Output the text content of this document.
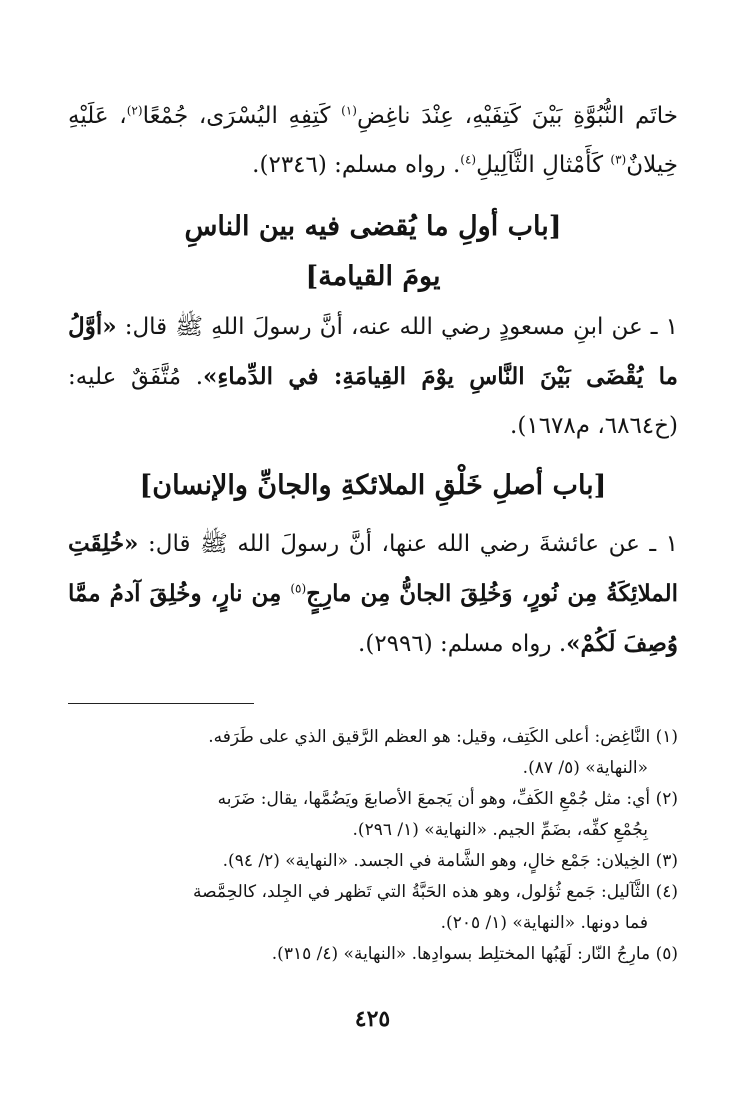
خاتَم النُّبُوَّةِ بَيْنَ كَتِفَيْهِ، عِنْدَ ناغِضِ$^{(١)}$ كَتِفِهِ اليُسْرَى، جُمْعًا$^{(٢)}$، عَلَيْهِ خِيلانٌ$^{(٣)}$ كَأَمْثالِ الثَّآلِيلِ$^{(٤)}$. رواه مسلم: (٢٣٤٦).

[باب أولِ ما يُقضى فيه بين الناسِ
يومَ القيامة]

١ ـ عن ابنِ مسعودٍ رضي الله عنه، أنَّ رسولَ اللهِ ﷺ قال: «أوَّلُ ما يُقْضَى بَيْنَ النَّاسِ يوْمَ القِيامَةِ: في الدِّماءِ». مُتَّفَقٌ عليه: (خ٦٨٦٤، م١٦٧٨).

[باب أصلِ خَلْقِ الملائكةِ والجانِّ والإنسان]

١ ـ عن عائشةَ رضي الله عنها، أنَّ رسولَ الله ﷺ قال: «خُلِقَتِ الملائِكَةُ مِن نُورٍ، وَخُلِقَ الجانُّ مِن مارِجٍ$^{(٥)}$ مِن نارٍ، وخُلِقَ آدمُ ممَّا وُصِفَ لَكُمْ». رواه مسلم: (٢٩٩٦).

(١) النَّاغِض: أعلى الكَتِف، وقيل: هو العظم الرَّقيق الذي على طَرَفه.
«النهاية» (٥/ ٨٧).

(٢) أي: مثل جُمْعِ الكَفِّ، وهو أن يَجمعَ الأصابعَ ويَضُمَّها، يقال: ضَرَبه
بِجُمْعِ كفِّه، بضَمِّ الجيم. «النهاية» (١/ ٢٩٦).

(٣) الخِيلان: جَمْع خالٍ، وهو الشَّامة في الجسد. «النهاية» (٢/ ٩٤).

(٤) الثَّآليل: جَمع ثُؤلول، وهو هذه الحَبَّةُ التي تَظهر في الجِلد، كالحِمَّصة
فما دونها. «النهاية» (١/ ٢٠٥).

(٥) مارِجُ النّار: لَهَبُها المختلِط بسوادِها. «النهاية» (٤/ ٣١٥).

٤٢٥
